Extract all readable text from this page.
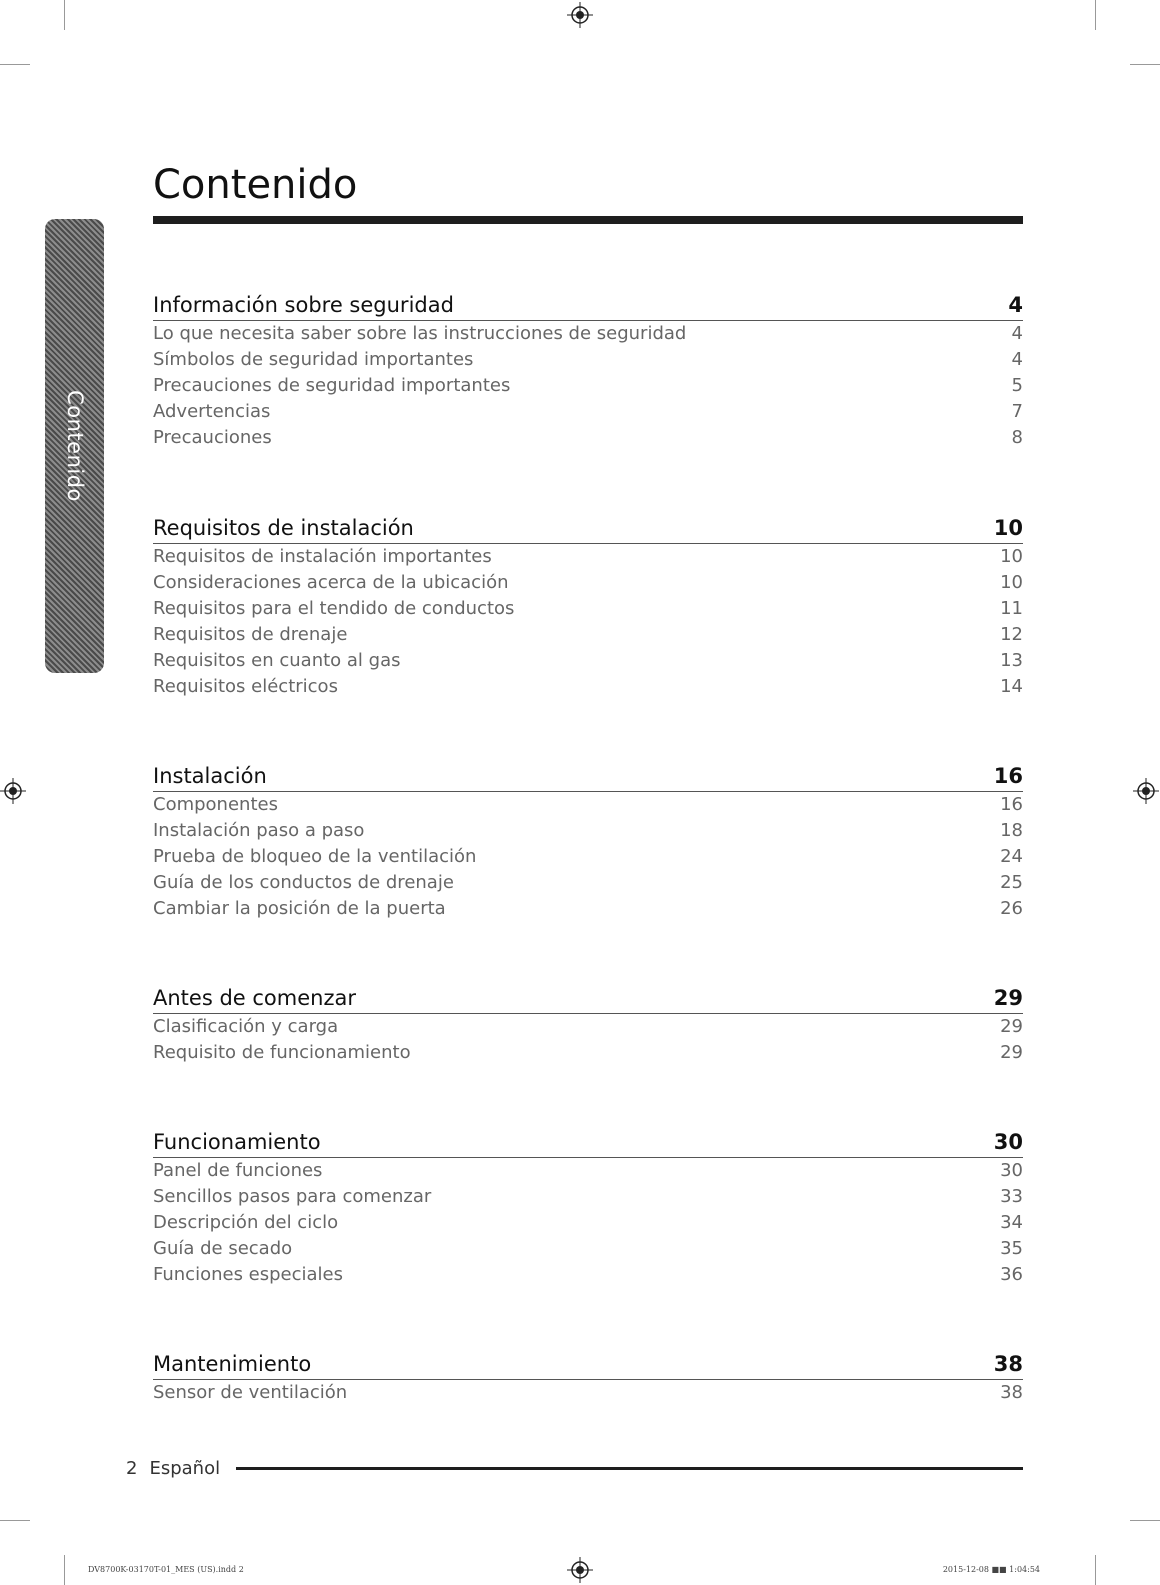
Contenido
Contenido
Información sobre seguridad	4
Lo que necesita saber sobre las instrucciones de seguridad	4
Símbolos de seguridad importantes	4
Precauciones de seguridad importantes	5
Advertencias	7
Precauciones	8
Requisitos de instalación	10
Requisitos de instalación importantes	10
Consideraciones acerca de la ubicación	10
Requisitos para el tendido de conductos	11
Requisitos de drenaje	12
Requisitos en cuanto al gas	13
Requisitos eléctricos	14
Instalación	16
Componentes	16
Instalación paso a paso	18
Prueba de bloqueo de la ventilación	24
Guía de los conductos de drenaje	25
Cambiar la posición de la puerta	26
Antes de comenzar	29
Clasificación y carga	29
Requisito de funcionamiento	29
Funcionamiento	30
Panel de funciones	30
Sencillos pasos para comenzar	33
Descripción del ciclo	34
Guía de secado	35
Funciones especiales	36
Mantenimiento	38
Sensor de ventilación	38
2 Español
DV8700K-03170T-01_MES (US).indd 2	2015-12-08 ■■ 1:04:54
